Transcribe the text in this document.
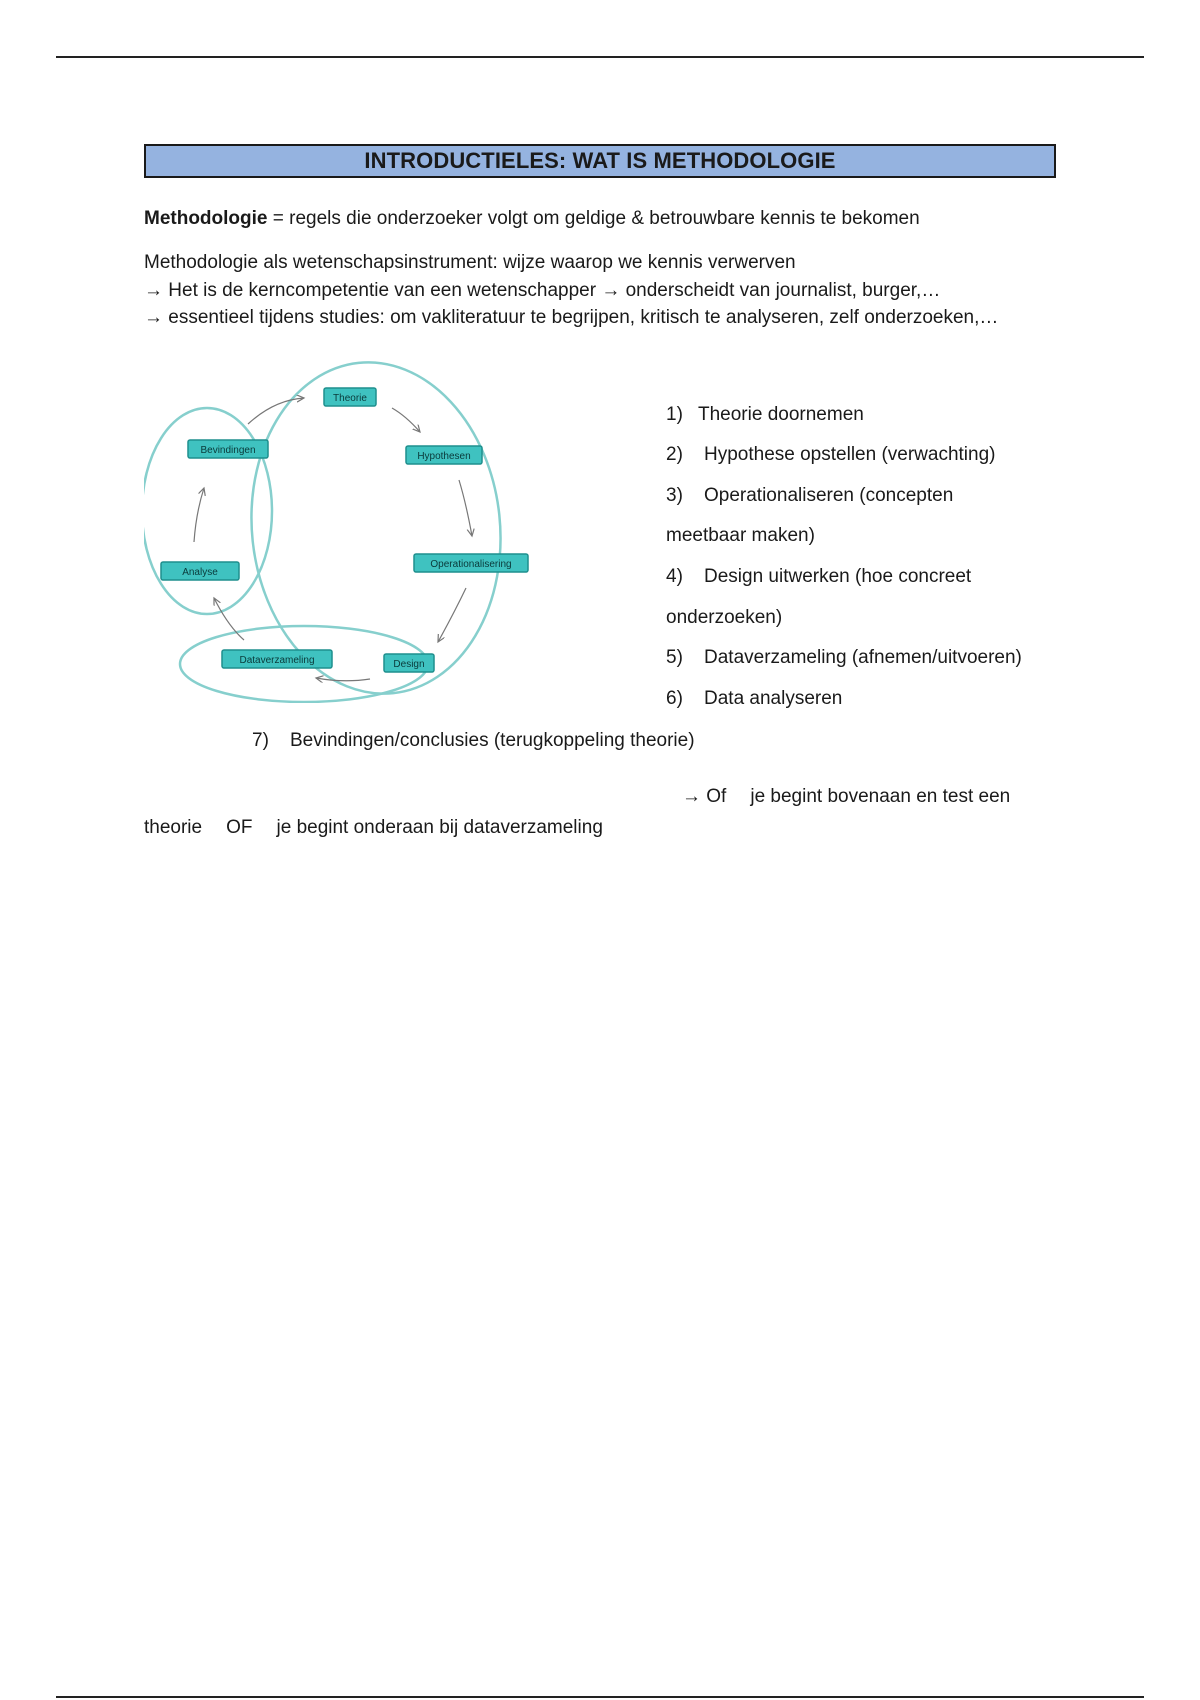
INTRODUCTIELES: WAT IS METHODOLOGIE
Methodologie = regels die onderzoeker volgt om geldige & betrouwbare kennis te bekomen
Methodologie als wetenschapsinstrument: wijze waarop we kennis verwerven
→ Het is de kerncompetentie van een wetenschapper → onderscheidt van journalist, burger,…
→ essentieel tijdens studies: om vakliteratuur te begrijpen, kritisch te analyseren, zelf onderzoeken,…
Theorie
Hypothesen
Operationalisering
Design
Dataverzameling
Analyse
Bevindingen
1) Theorie doornemen
2) Hypothese opstellen (verwachting)
3) Operationaliseren (concepten
meetbaar maken)
4) Design uitwerken (hoe concreet
onderzoeken)
5) Dataverzameling (afnemen/uitvoeren)
6) Data analyseren
7) Bevindingen/conclusies (terugkoppeling theorie)
→ Of je begint bovenaan en test een
theorie OF je begint onderaan bij dataverzameling
